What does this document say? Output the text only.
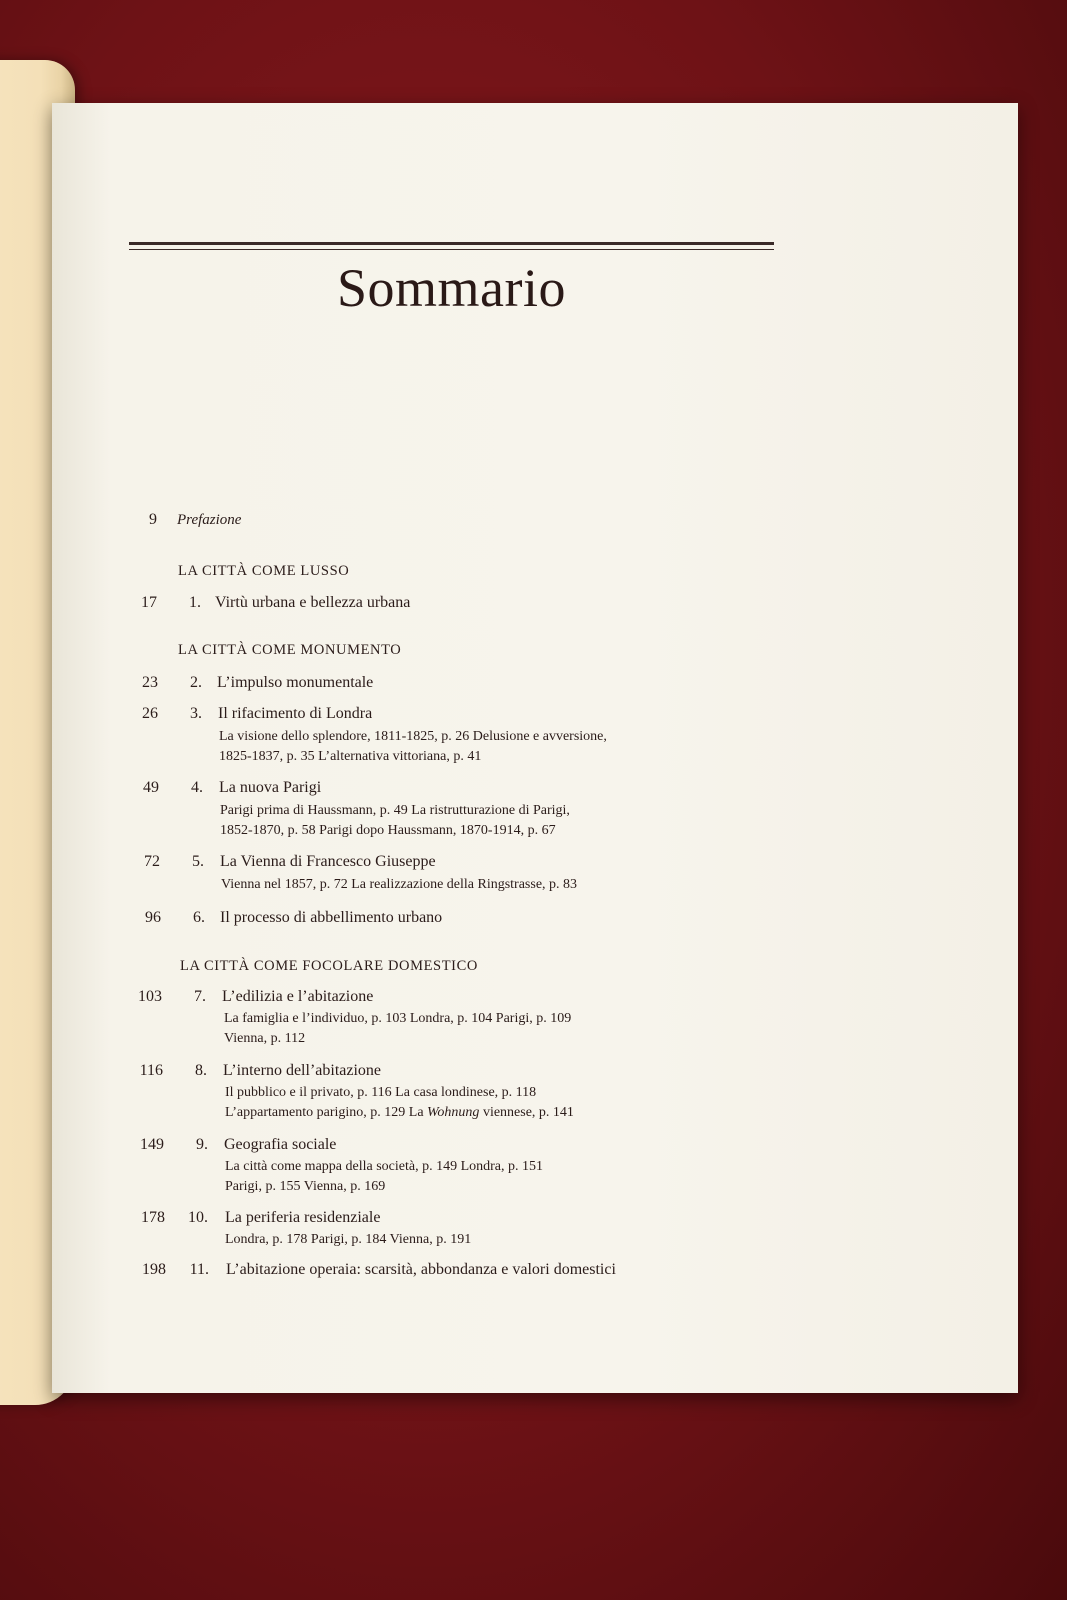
Sommario
9 Prefazione
LA CITTÀ COME LUSSO
17	1. Virtù urbana e bellezza urbana
LA CITTÀ COME MONUMENTO
23	2. L’impulso monumentale
26	3. Il rifacimento di Londra
La visione dello splendore, 1811-1825, p. 26 Delusione e avversione,
1825-1837, p. 35 L’alternativa vittoriana, p. 41
49	4. La nuova Parigi
Parigi prima di Haussmann, p. 49 La ristrutturazione di Parigi,
1852-1870, p. 58 Parigi dopo Haussmann, 1870-1914, p. 67
72	5. La Vienna di Francesco Giuseppe
Vienna nel 1857, p. 72 La realizzazione della Ringstrasse, p. 83
96	6. Il processo di abbellimento urbano
LA CITTÀ COME FOCOLARE DOMESTICO
103	7. L’edilizia e l’abitazione
La famiglia e l’individuo, p. 103 Londra, p. 104 Parigi, p. 109
Vienna, p. 112
116	8. L’interno dell’abitazione
Il pubblico e il privato, p. 116 La casa londinese, p. 118
L’appartamento parigino, p. 129 La Wohnung viennese, p. 141
149	9. Geografia sociale
La città come mappa della società, p. 149 Londra, p. 151
Parigi, p. 155 Vienna, p. 169
178	10. La periferia residenziale
Londra, p. 178 Parigi, p. 184 Vienna, p. 191
198	11. L’abitazione operaia: scarsità, abbondanza e valori domestici
